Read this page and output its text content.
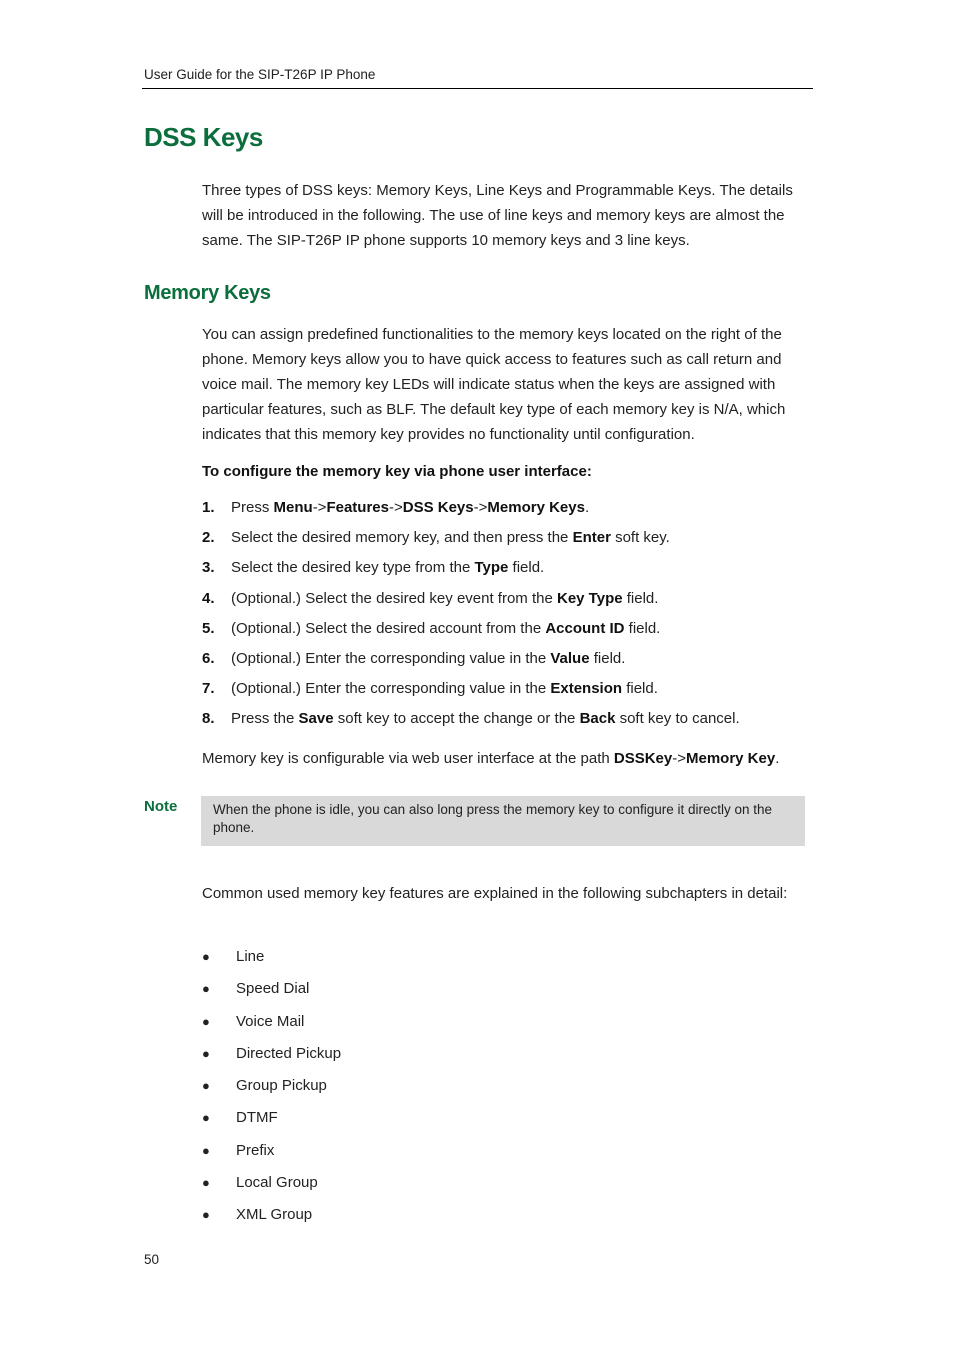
User Guide for the SIP-T26P IP Phone
DSS Keys
Three types of DSS keys: Memory Keys, Line Keys and Programmable Keys. The details will be introduced in the following. The use of line keys and memory keys are almost the same. The SIP-T26P IP phone supports 10 memory keys and 3 line keys.
Memory Keys
You can assign predefined functionalities to the memory keys located on the right of the phone. Memory keys allow you to have quick access to features such as call return and voice mail. The memory key LEDs will indicate status when the keys are assigned with particular features, such as BLF. The default key type of each memory key is N/A, which indicates that this memory key provides no functionality until configuration.
To configure the memory key via phone user interface:
1.	Press Menu->Features->DSS Keys->Memory Keys.
2.	Select the desired memory key, and then press the Enter soft key.
3.	Select the desired key type from the Type field.
4.	(Optional.) Select the desired key event from the Key Type field.
5.	(Optional.) Select the desired account from the Account ID field.
6.	(Optional.) Enter the corresponding value in the Value field.
7.	(Optional.) Enter the corresponding value in the Extension field.
8.	Press the Save soft key to accept the change or the Back soft key to cancel.
Memory key is configurable via web user interface at the path DSSKey->Memory Key.
Note	When the phone is idle, you can also long press the memory key to configure it directly on the phone.
Common used memory key features are explained in the following subchapters in detail:
●	Line
●	Speed Dial
●	Voice Mail
●	Directed Pickup
●	Group Pickup
●	DTMF
●	Prefix
●	Local Group
●	XML Group
50
